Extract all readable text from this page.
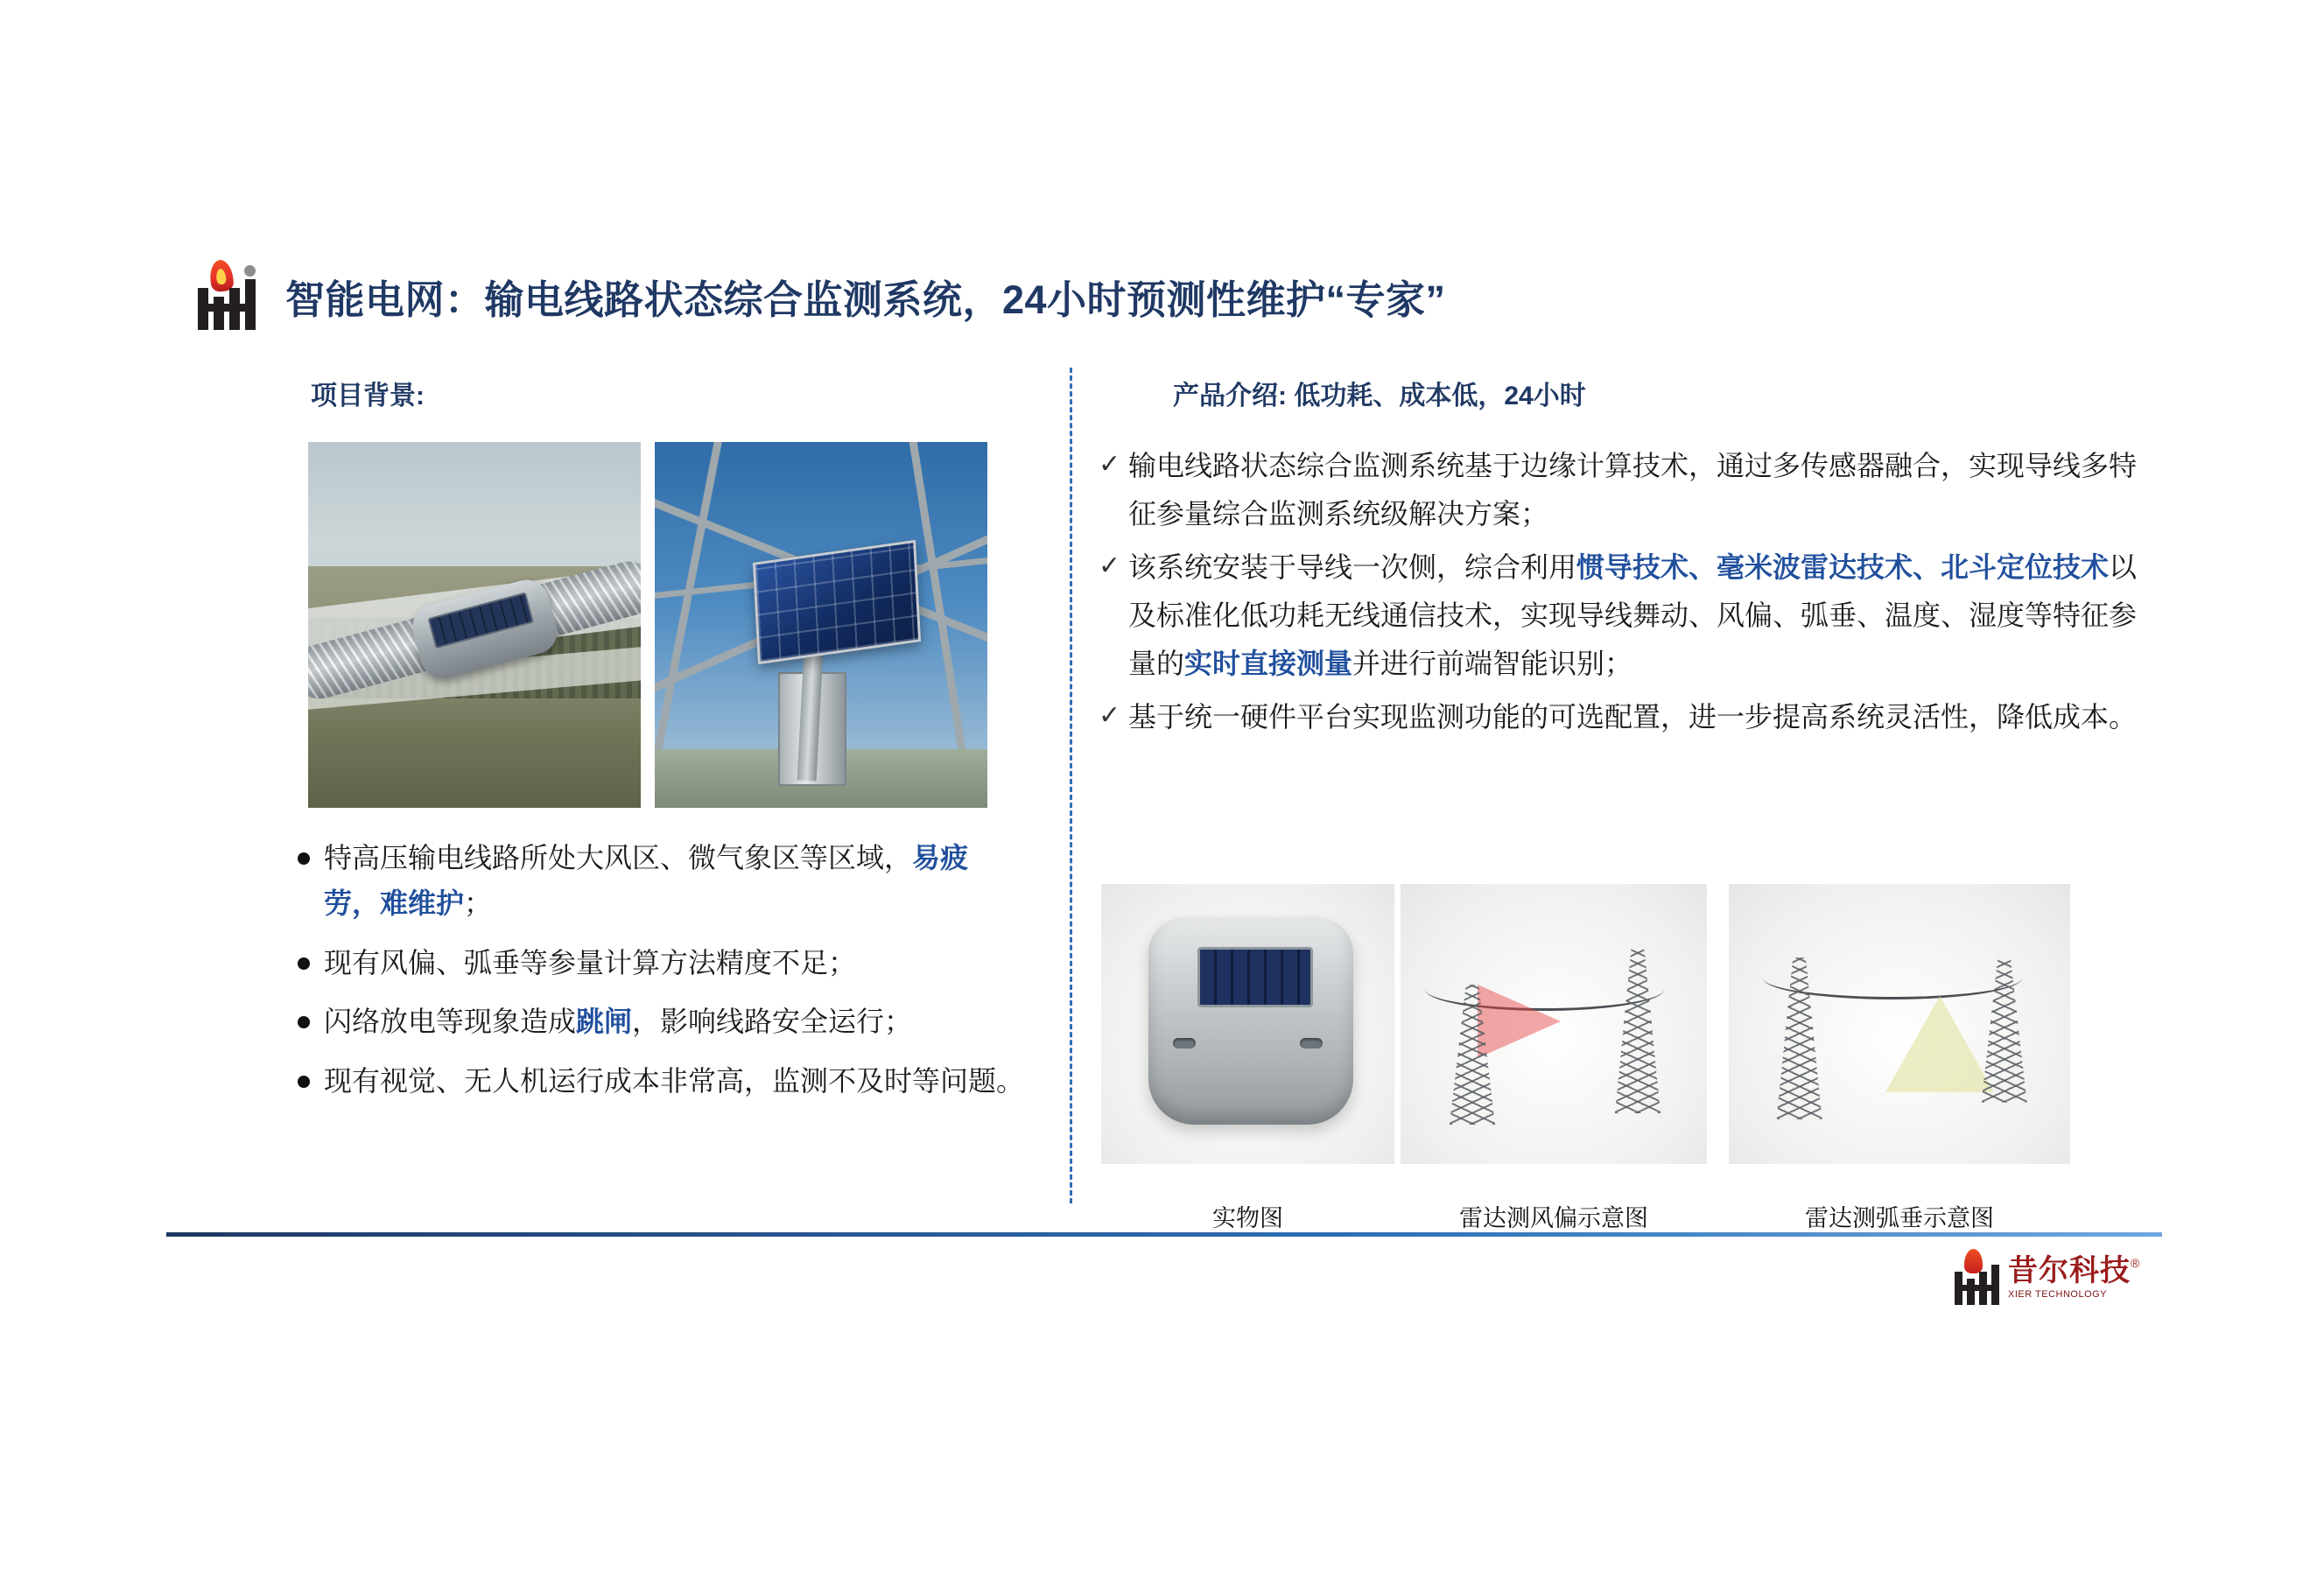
智能电网：输电线路状态综合监测系统，24小时预测性维护“专家”
项目背景:	产品介绍: 低功耗、成本低，24小时
特高压输电线路所处大风区、微气象区等区域，易疲劳，难维护；
现有风偏、弧垂等参量计算方法精度不足；
闪络放电等现象造成跳闸，影响线路安全运行；
现有视觉、无人机运行成本非常高，监测不及时等问题。
✓ 输电线路状态综合监测系统基于边缘计算技术，通过多传感器融合，实现导线多特征参量综合监测系统级解决方案；
✓ 该系统安装于导线一次侧，综合利用惯导技术、毫米波雷达技术、北斗定位技术以及标准化低功耗无线通信技术，实现导线舞动、风偏、弧垂、温度、湿度等特征参量的实时直接测量并进行前端智能识别；
✓ 基于统一硬件平台实现监测功能的可选配置，进一步提高系统灵活性，降低成本。
实物图	雷达测风偏示意图	雷达测弧垂示意图
昔尔科技®
XIER TECHNOLOGY
